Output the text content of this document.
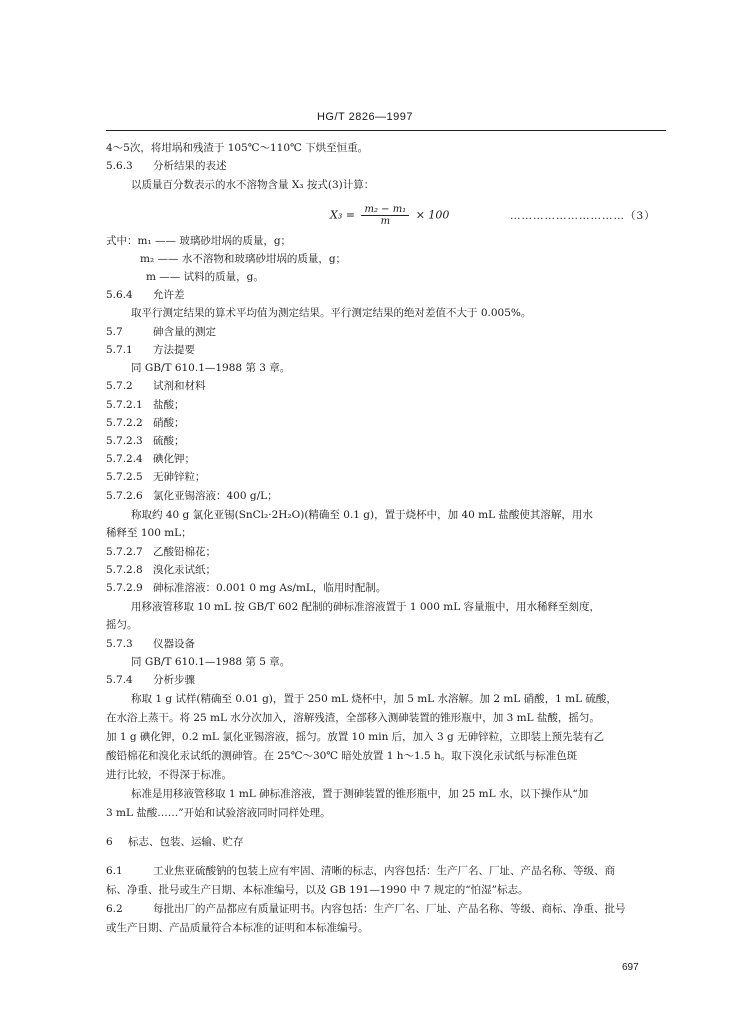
HG/T 2826—1997
4～5次，将坩埚和残渣于 105℃～110℃ 下烘至恒重。
5.6.3 分析结果的表述
以质量百分数表示的水不溶物含量 X₃ 按式(3)计算：
式中：m₁ —— 玻璃砂坩埚的质量，g；
m₂ —— 水不溶物和玻璃砂坩埚的质量，g；
m —— 试料的质量，g。
5.6.4 允许差
取平行测定结果的算术平均值为测定结果。平行测定结果的绝对差值不大于 0.005%。
5.7	砷含量的测定
5.7.1 方法提要
同 GB/T 610.1—1988 第 3 章。
5.7.2 试剂和材料
5.7.2.1 盐酸；
5.7.2.2 硝酸；
5.7.2.3 硫酸；
5.7.2.4 碘化钾；
5.7.2.5 无砷锌粒；
5.7.2.6 氯化亚锡溶液：400 g/L；
称取约 40 g 氯化亚锡(SnCl₂·2H₂O)(精确至 0.1 g)，置于烧杯中，加 40 mL 盐酸使其溶解，用水
稀释至 100 mL；
5.7.2.7 乙酸铅棉花；
5.7.2.8 溴化汞试纸；
5.7.2.9 砷标准溶液：0.001 0 mg As/mL，临用时配制。
用移液管移取 10 mL 按 GB/T 602 配制的砷标准溶液置于 1 000 mL 容量瓶中，用水稀释至刻度，
摇匀。
5.7.3 仪器设备
同 GB/T 610.1—1988 第 5 章。
5.7.4 分析步骤
称取 1 g 试样(精确至 0.01 g)，置于 250 mL 烧杯中，加 5 mL 水溶解。加 2 mL 硝酸，1 mL 硫酸，
在水浴上蒸干。将 25 mL 水分次加入，溶解残渣，全部移入测砷装置的锥形瓶中，加 3 mL 盐酸，摇匀。
加 1 g 碘化钾，0.2 mL 氯化亚锡溶液，摇匀。放置 10 min 后，加入 3 g 无砷锌粒，立即装上预先装有乙
酸铅棉花和溴化汞试纸的测砷管。在 25℃～30℃ 暗处放置 1 h～1.5 h。取下溴化汞试纸与标准色斑
进行比较，不得深于标准。
标准是用移液管移取 1 mL 砷标准溶液，置于测砷装置的锥形瓶中，加 25 mL 水，以下操作从“加
3 mL 盐酸……”开始和试验溶液同时同样处理。
6 标志、包装、运输、贮存
6.1	工业焦亚硫酸钠的包装上应有牢固、清晰的标志，内容包括：生产厂名、厂址、产品名称、等级、商
标、净重、批号或生产日期、本标准编号，以及 GB 191—1990 中 7 规定的“怕湿”标志。
6.2	每批出厂的产品都应有质量证明书。内容包括：生产厂名、厂址、产品名称、等级、商标、净重、批号
或生产日期、产品质量符合本标准的证明和本标准编号。
$X_3 = \frac{\text{m₂ − m₁}}{m} \times 100$	…………………………（3）
697
